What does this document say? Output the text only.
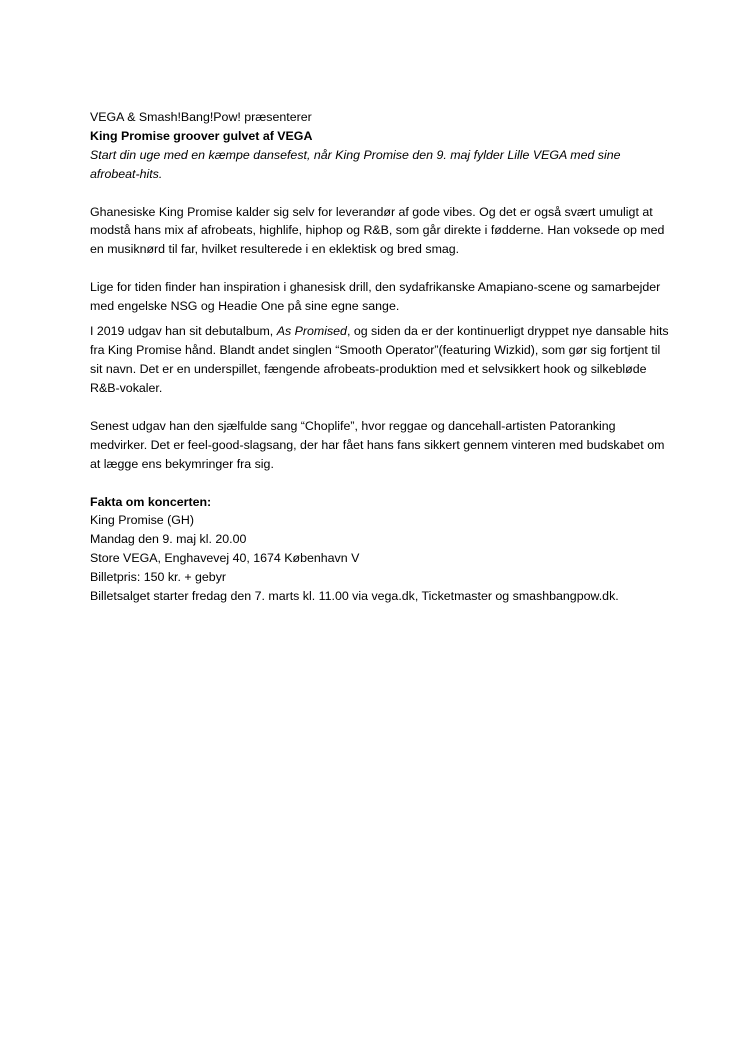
VEGA & Smash!Bang!Pow! præsenterer

King Promise groover gulvet af VEGA

Start din uge med en kæmpe dansefest, når King Promise den 9. maj fylder Lille VEGA med sine afrobeat-hits.

Ghanesiske King Promise kalder sig selv for leverandør af gode vibes. Og det er også svært umuligt at modstå hans mix af afrobeats, highlife, hiphop og R&B, som går direkte i fødderne. Han voksede op med en musiknørd til far, hvilket resulterede i en eklektisk og bred smag.

Lige for tiden finder han inspiration i ghanesisk drill, den sydafrikanske Amapiano-scene og samarbejder med engelske NSG og Headie One på sine egne sange.

I 2019 udgav han sit debutalbum, As Promised, og siden da er der kontinuerligt dryppet nye dansable hits fra King Promise hånd. Blandt andet singlen “Smooth Operator”(featuring Wizkid), som gør sig fortjent til sit navn. Det er en underspillet, fængende afrobeats-produktion med et selvsikkert hook og silkebløde R&B-vokaler.

Senest udgav han den sjælfulde sang “Choplife”, hvor reggae og dancehall-artisten Patoranking medvirker. Det er feel-good-slagsang, der har fået hans fans sikkert gennem vinteren med budskabet om at lægge ens bekymringer fra sig.

Fakta om koncerten:

King Promise (GH)

Mandag den 9. maj kl. 20.00

Store VEGA, Enghavevej 40, 1674 København V

Billetpris: 150 kr. + gebyr

Billetsalget starter fredag den 7. marts kl. 11.00 via vega.dk, Ticketmaster og smashbangpow.dk.
